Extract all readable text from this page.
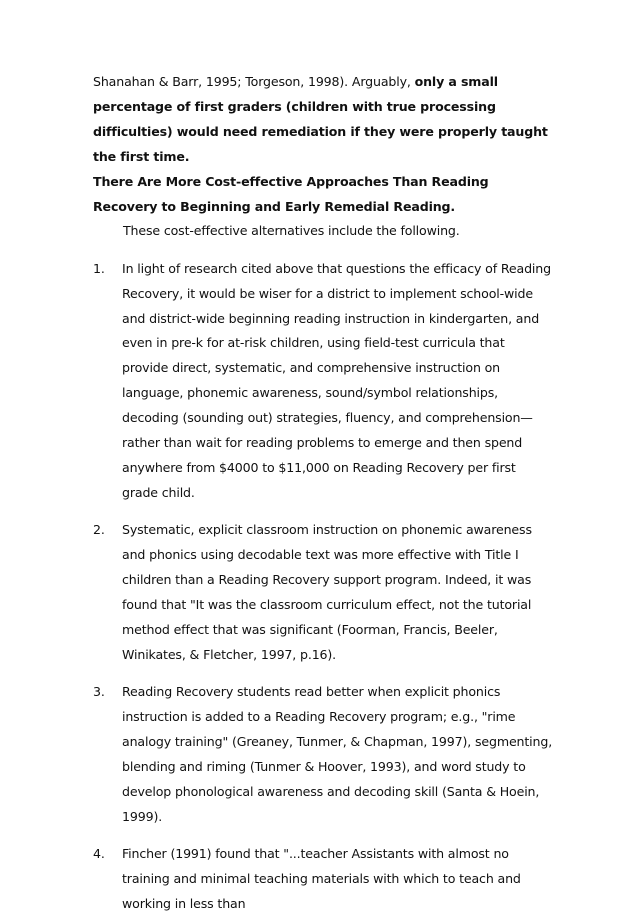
Shanahan & Barr, 1995; Torgeson, 1998). Arguably, only a small percentage of first graders (children with true processing difficulties) would need remediation if they were properly taught the first time.

There Are More Cost-effective Approaches Than Reading Recovery to Beginning and Early Remedial Reading.

These cost-effective alternatives include the following.

1. In light of research cited above that questions the efficacy of Reading Recovery, it would be wiser for a district to implement school-wide and district-wide beginning reading instruction in kindergarten, and even in pre-k for at-risk children, using field-test curricula that provide direct, systematic, and comprehensive instruction on language, phonemic awareness, sound/symbol relationships, decoding (sounding out) strategies, fluency, and comprehension—rather than wait for reading problems to emerge and then spend anywhere from $4000 to $11,000 on Reading Recovery per first grade child.
2. Systematic, explicit classroom instruction on phonemic awareness and phonics using decodable text was more effective with Title I children than a Reading Recovery support program. Indeed, it was found that "It was the classroom curriculum effect, not the tutorial method effect that was significant (Foorman, Francis, Beeler, Winikates, & Fletcher, 1997, p.16).
3. Reading Recovery students read better when explicit phonics instruction is added to a Reading Recovery program; e.g., "rime analogy training" (Greaney, Tunmer, & Chapman, 1997), segmenting, blending and riming (Tunmer & Hoover, 1993), and word study to develop phonological awareness and decoding skill (Santa & Hoein, 1999).
4. Fincher (1991) found that "...teacher Assistants with almost no training and minimal teaching materials with which to teach and working in less than
